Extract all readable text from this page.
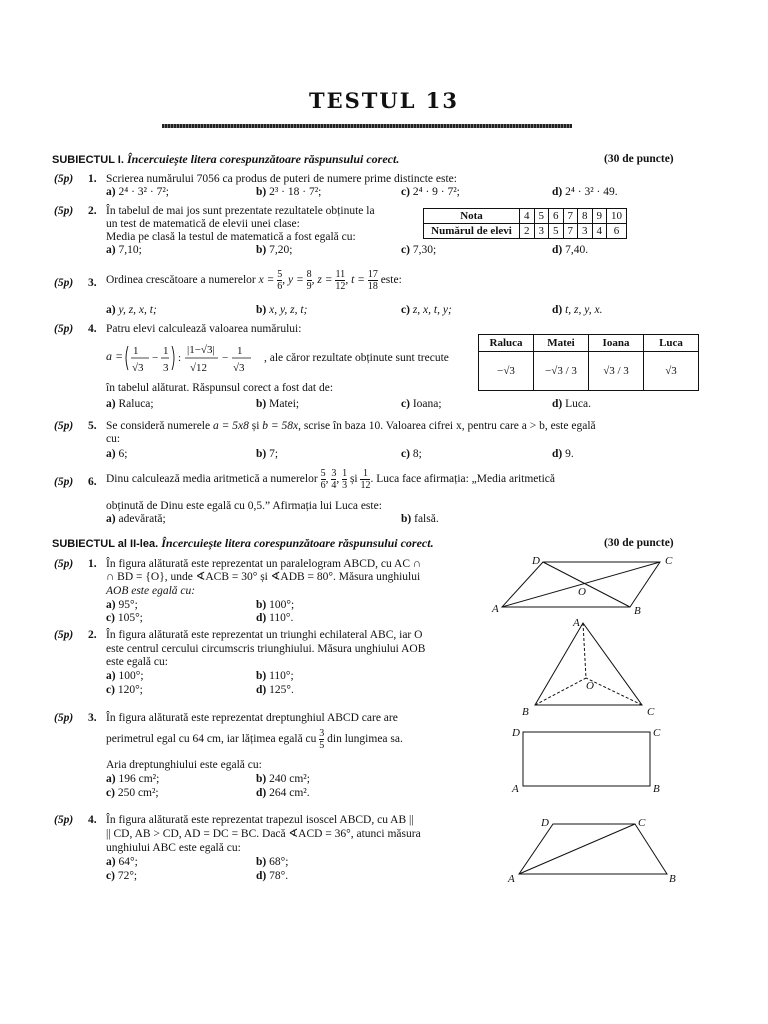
TESTUL 13
SUBIECTUL I. Încercuiește litera corespunzătoare răspunsului corect.	(30 de puncte)
(5p) 1. Scrierea numărului 7056 ca produs de puteri de numere prime distincte este:
a) 2⁴ · 3² · 7²;	b) 2³ · 18 · 7²;	c) 2⁴ · 9 · 7²;	d) 2⁴ · 3² · 49.
(5p) 2. În tabelul de mai jos sunt prezentate rezultatele obținute la
un test de matematică de elevii unei clase:
Media pe clasă la testul de matematică a fost egală cu:
a) 7,10;	b) 7,20;	c) 7,30;	d) 7,40.
Nota	4	5	6	7	8	9	10
Numărul de elevi	2	3	5	7	3	4	6
(5p) 3. Ordinea crescătoare a numerelor $x = \frac{5}{6}$ , $y = \frac{8}{9}$ , $z = \frac{11}{12}$ , $t = \frac{17}{18}$ este:
a) y, z, x, t;	b) x, y, z, t;	c) z, x, t, y;	d) t, z, y, x.
(5p) 4. Patru elevi calculează valoarea numărului:
a = 1
√3
−
1
3
:
|1−√3|
√12
−
1
√3
, ale căror rezultate obținute sunt trecute
în tabelul alăturat. Răspunsul corect a fost dat de:
a) Raluca;	b) Matei;	c) Ioana;	d) Luca.
Raluca	Matei	Ioana	Luca
−√3	−√3 / 3	√3 / 3	√3
(5p) 5. Se consideră numerele a = 5x8 și b = 58x, scrise în baza 10. Valoarea cifrei x, pentru care a > b, este egală
cu:
a) 6;	b) 7;	c) 8;	d) 9.
(5p) 6. Dinu calculează media aritmetică a numerelor $\frac{5}{6}$ , $\frac{3}{4}$ , $\frac{1}{3}$ și $\frac{1}{12}$ . Luca face afirmația: „Media aritmetică
obținută de Dinu este egală cu 0,5.” Afirmația lui Luca este:
a) adevărată;	b) falsă.
SUBIECTUL al II-lea. Încercuiește litera corespunzătoare răspunsului corect.	(30 de puncte)
(5p) 1. În figura alăturată este reprezentat un paralelogram ABCD, cu AC ∩
∩ BD = {O}, unde ∢ACB = 30° și ∢ADB = 80°. Măsura unghiului
AOB este egală cu:
a) 95°;	b) 100°;
c) 105°;	d) 110°.
(5p) 2. În figura alăturată este reprezentat un triunghi echilateral ABC, iar O
este centrul cercului circumscris triunghiului. Măsura unghiului AOB
este egală cu:
a) 100°;	b) 110°;
c) 120°;	d) 125°.
(5p) 3. În figura alăturată este reprezentat dreptunghiul ABCD care are
perimetrul egal cu 64 cm, iar lățimea egală cu $\frac{3}{5}$ din lungimea sa.
Aria dreptunghiului este egală cu:
a) 196 cm²;	b) 240 cm²;
c) 250 cm²;	d) 264 cm².
(5p) 4. În figura alăturată este reprezentat trapezul isoscel ABCD, cu AB ||
|| CD, AB > CD, AD = DC = BC. Dacă ∢ACD = 36°, atunci măsura
unghiului ABC este egală cu:
a) 64°;	b) 68°;
c) 72°;	d) 78°.
D	C
O
A	B
A
O
B	C
D	C
A	B
D	C
A	B
